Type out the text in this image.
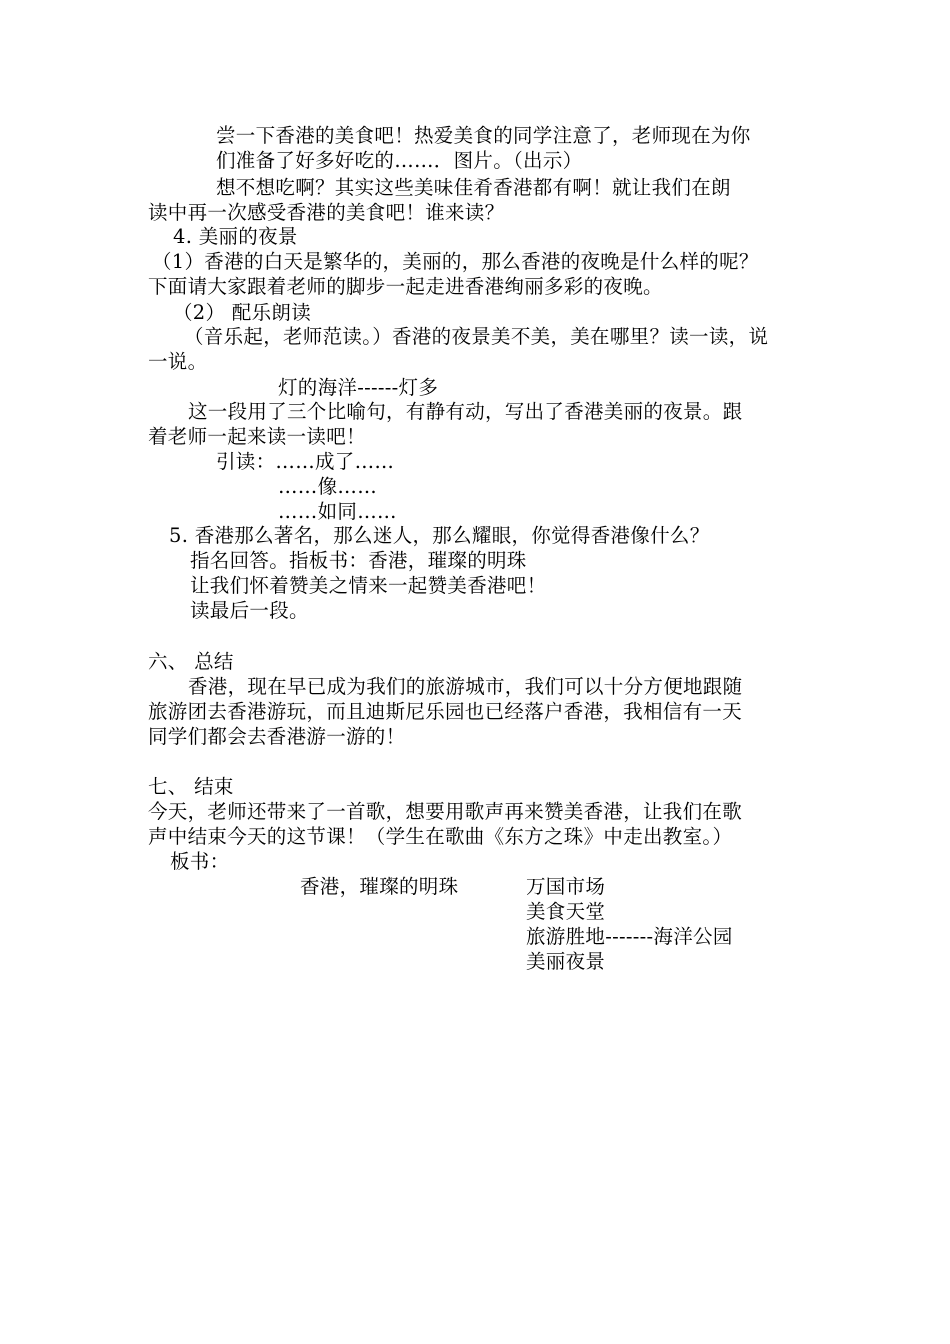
尝一下香港的美食吧！热爱美食的同学注意了，老师现在为你
们准备了好多好吃的……．图片。（出示）
想不想吃啊？其实这些美味佳肴香港都有啊！就让我们在朗
读中再一次感受香港的美食吧！谁来读？
4. 美丽的夜景
（1）香港的白天是繁华的，美丽的，那么香港的夜晚是什么样的呢？
下面请大家跟着老师的脚步一起走进香港绚丽多彩的夜晚。
（2） 配乐朗读
（音乐起，老师范读。）香港的夜景美不美，美在哪里？读一读，说
一说。
灯的海洋------灯多
这一段用了三个比喻句，有静有动，写出了香港美丽的夜景。跟
着老师一起来读一读吧！
引读：……成了……
……像……
……如同……
5. 香港那么著名，那么迷人，那么耀眼，你觉得香港像什么？
指名回答。指板书：香港，璀璨的明珠
让我们怀着赞美之情来一起赞美香港吧！
读最后一段。
六、 总结
香港，现在早已成为我们的旅游城市，我们可以十分方便地跟随
旅游团去香港游玩，而且迪斯尼乐园也已经落户香港，我相信有一天
同学们都会去香港游一游的！
七、 结束
今天，老师还带来了一首歌，想要用歌声再来赞美香港，让我们在歌
声中结束今天的这节课！（学生在歌曲《东方之珠》中走出教室。）
板书：
香港，璀璨的明珠	万国市场
美食天堂
旅游胜地-------海洋公园
美丽夜景
